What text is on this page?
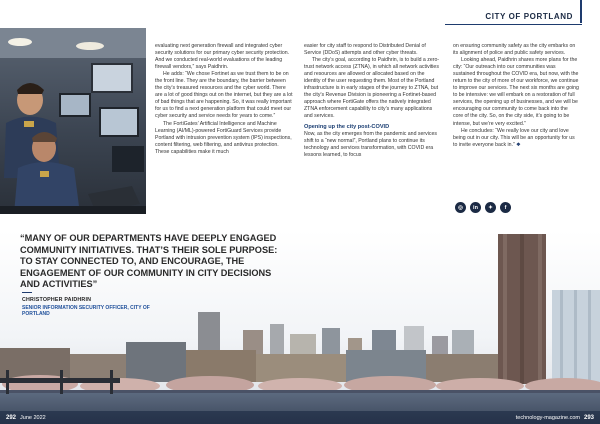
CITY OF PORTLAND

evaluating next generation firewall and integrated cyber security solutions for our primary cyber security protection. And we conducted real-world evaluations of the leading firewall vendors,” says Paidhrin.

He adds: “We chose Fortinet as we trust them to be on the front line. They are the boundary, the barrier between the city’s treasured resources and the cyber world. There are a lot of good things out on the internet, but they are a lot of bad things that are happening. So, it was really important for us to find a next generation platform that could meet our cyber security and service needs for years to come.”

The FortiGates’ Artificial Intelligence and Machine Learning (AI/ML)-powered FortiGuard Services provide Portland with intrusion prevention system (IPS) inspections, content filtering, web filtering, and antivirus protection. These capabilities make it much

easier for city staff to respond to Distributed Denial of Service (DDoS) attempts and other cyber threats.

The city’s goal, according to Paidhrin, is to build a zero-trust network access (ZTNA), in which all network activities and resources are allowed or allocated based on the identity of the user requesting them. Most of the Portland infrastructure is in early stages of the journey to ZTNA, but the city’s Revenue Division is pioneering a Fortinet-based approach where FortiGate offers the natively integrated ZTNA enforcement capability to city’s many applications and services.

Opening up the city post-COVID

Now, as the city emerges from the pandemic and services shift to a “new normal”, Portland plans to continue its technology and services transformation, with COVID era lessons learned, to focus

on ensuring community safety as the city embarks on its alignment of police and public safety services.

Looking ahead, Paidhrin shares more plans for the city: “Our outreach into our communities was sustained throughout the COVID era, but now, with the return to the city of more of our workforce, we continue to improve our services. The next six months are going to be intensive: we will embark on a restoration of full services, the opening up of businesses, and we will be encouraging our community to come back into the core of the city. So, on the city side, it’s going to be intense, but we’re very excited.”

He concludes: “We really love our city and love being out in our city. This will be an opportunity for us to invite everyone back in.” ❖

◎	in	✦	f
“MANY OF OUR DEPARTMENTS HAVE DEEPLY ENGAGED COMMUNITY INITIATIVES. THAT’S THEIR SOLE PURPOSE: TO STAY CONNECTED TO, AND ENCOURAGE, THE ENGAGEMENT OF OUR COMMUNITY IN CITY DECISIONS AND ACTIVITIES”
CHRISTOPHER PAIDHRIN
SENIOR INFORMATION SECURITY OFFICER, CITY OF PORTLAND
292 June 2022	technology-magazine.com 293
